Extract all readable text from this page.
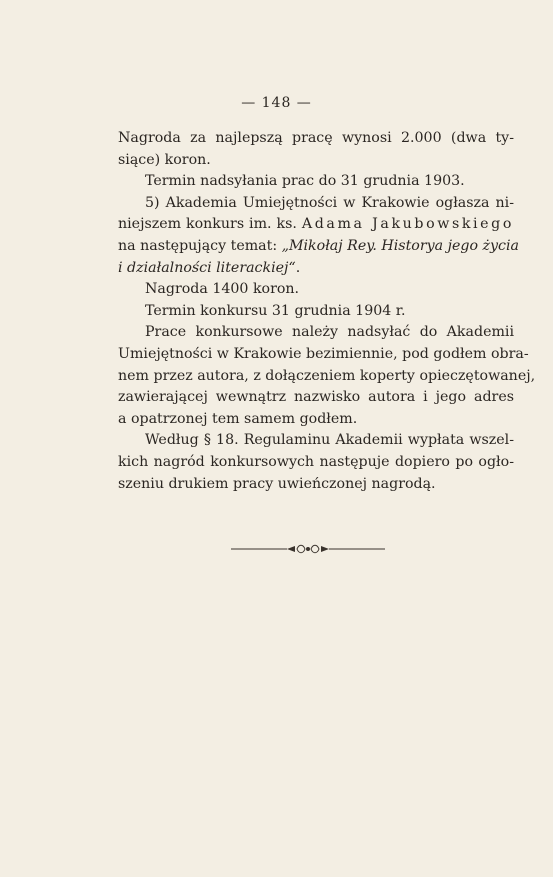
— 148 —
Nagroda za najlepszą pracę wynosi 2.000 (dwa ty-
siące) koron.
Termin nadsyłania prac do 31 grudnia 1903.
5) Akademia Umiejętności w Krakowie ogłasza ni-
niejszem konkurs im. ks. Adama Jakubowskiego
na następujący temat: „Mikołaj Rey. Historya jego życia
i działalności literackiej“.
Nagroda 1400 koron.
Termin konkursu 31 grudnia 1904 r.
Prace konkursowe należy nadsyłać do Akademii
Umiejętności w Krakowie bezimiennie, pod godłem obra-
nem przez autora, z dołączeniem koperty opieczętowanej,
zawierającej wewnątrz nazwisko autora i jego adres
a opatrzonej tem samem godłem.
Według § 18. Regulaminu Akademii wypłata wszel-
kich nagród konkursowych następuje dopiero po ogło-
szeniu drukiem pracy uwieńczonej nagrodą.
